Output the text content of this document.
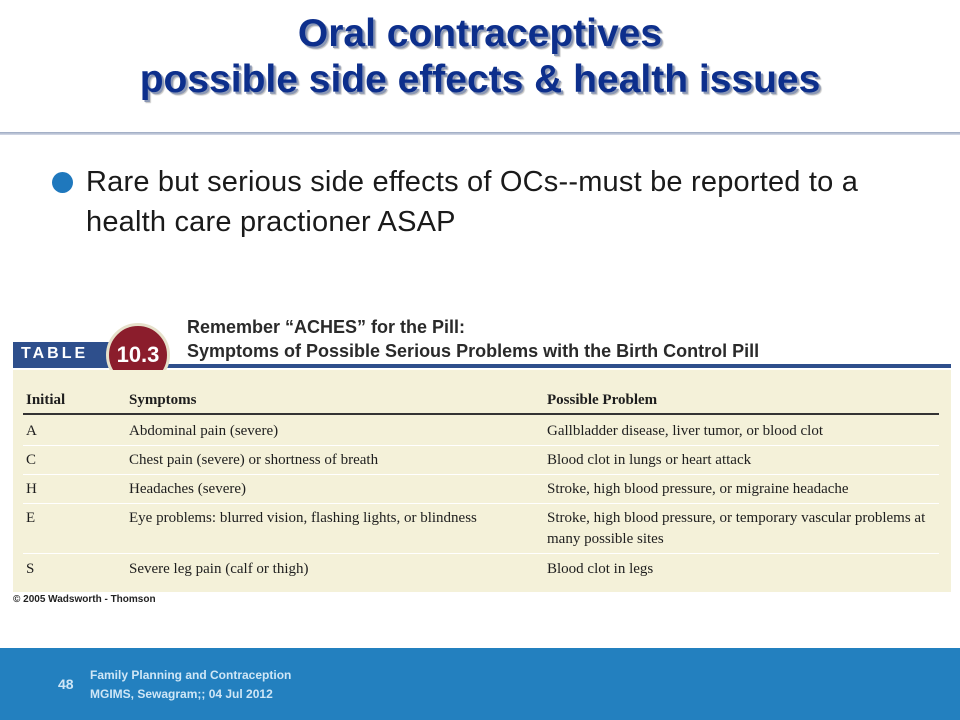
Oral contraceptives
possible side effects & health issues
Rare but serious side effects of OCs--must be reported to a health care practioner ASAP
Remember “ACHES” for the Pill:
Symptoms of Possible Serious Problems with the Birth Control Pill
TABLE	10.3
Initial	Symptoms	Possible Problem
A	Abdominal pain (severe)	Gallbladder disease, liver tumor, or blood clot
C	Chest pain (severe) or shortness of breath	Blood clot in lungs or heart attack
H	Headaches (severe)	Stroke, high blood pressure, or migraine headache
E	Eye problems: blurred vision, flashing lights, or blindness	Stroke, high blood pressure, or temporary vascular problems at many possible sites
S	Severe leg pain (calf or thigh)	Blood clot in legs
© 2005 Wadsworth - Thomson
48
Family Planning and Contraception
MGIMS, Sewagram;; 04 Jul 2012
